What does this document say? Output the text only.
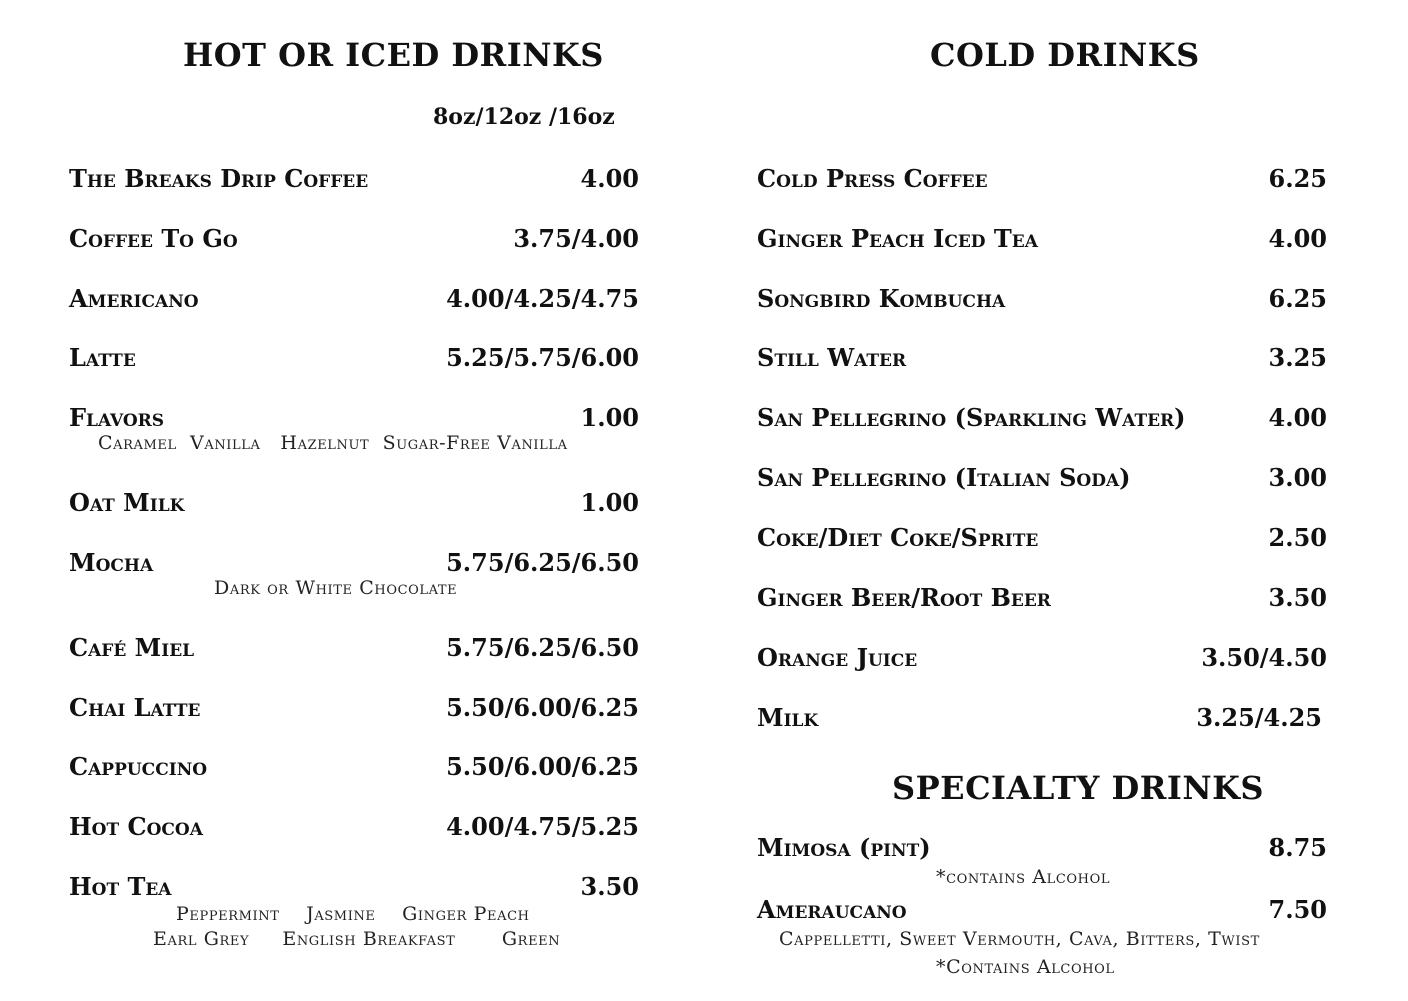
HOT OR ICED DRINKS
8oz/12oz /16oz
The Breaks Drip Coffee	4.00
Coffee To Go	3.75/4.00
Americano	4.00/4.25/4.75
Latte	5.25/5.75/6.00
Flavors	1.00
Caramel  Vanilla   Hazelnut  Sugar-Free Vanilla
Oat Milk	1.00
Mocha	5.75/6.25/6.50
Dark or White Chocolate
Café Miel	5.75/6.25/6.50
Chai Latte	5.50/6.00/6.25
Cappuccino	5.50/6.00/6.25
Hot Cocoa	4.00/4.75/5.25
Hot Tea	3.50
Peppermint    Jasmine    Ginger Peach
Earl Grey     English Breakfast       Green
COLD DRINKS
Cold Press Coffee	6.25
Ginger Peach Iced Tea	4.00
Songbird Kombucha	6.25
Still Water	3.25
San Pellegrino (Sparkling Water)	4.00
San Pellegrino (Italian Soda)	3.00
Coke/Diet Coke/Sprite	2.50
Ginger Beer/Root Beer	3.50
Orange Juice	3.50/4.50
Milk	3.25/4.25
SPECIALTY DRINKS
Mimosa (pint)	8.75
*contains Alcohol
Ameraucano	7.50
Cappelletti, Sweet Vermouth, Cava, Bitters, Twist
*Contains Alcohol
